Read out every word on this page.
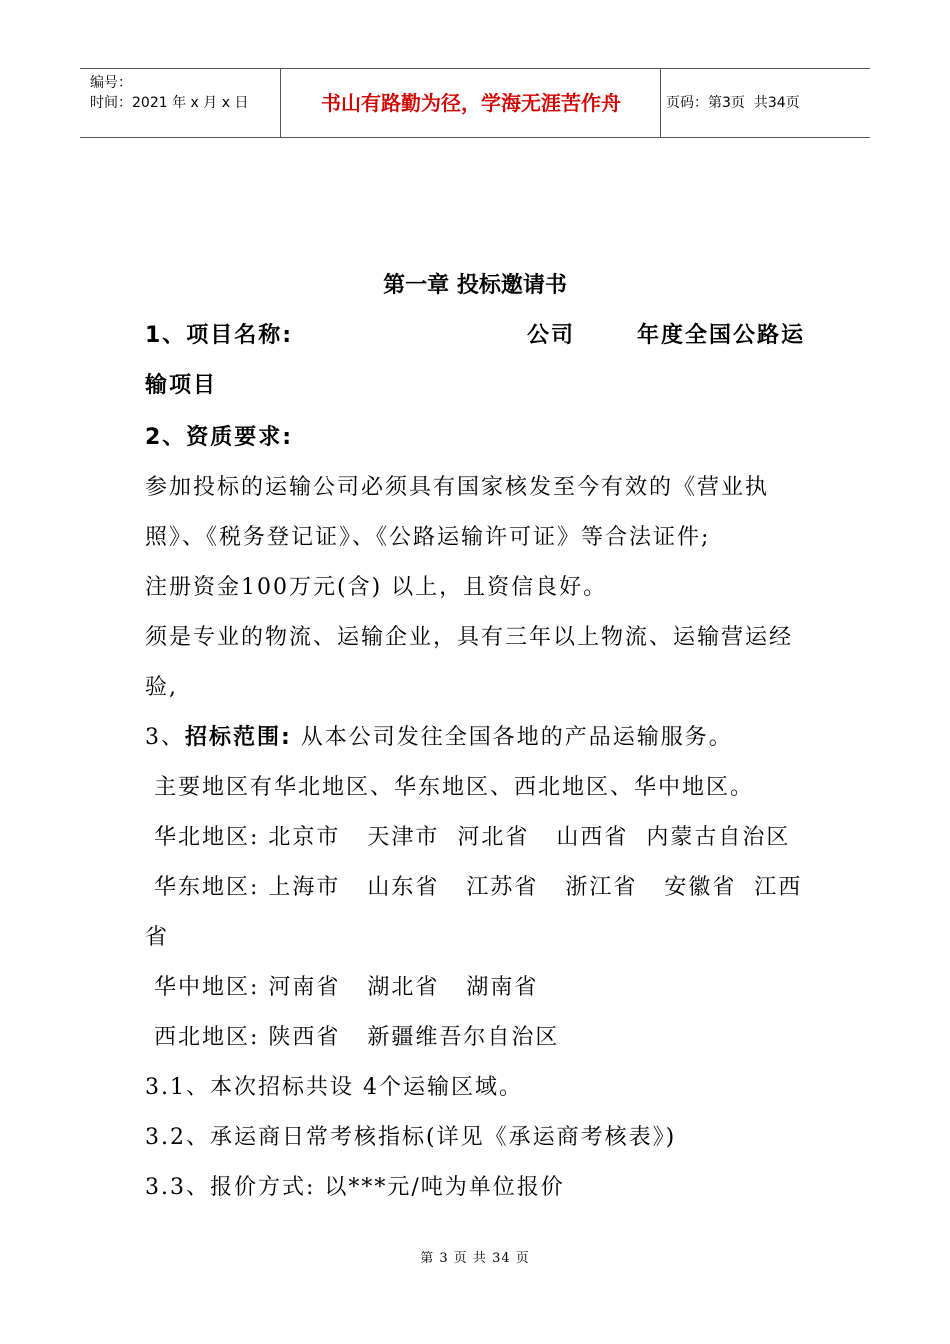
编号：
时间：2021 年 x 月 x 日	书山有路勤为径，学海无涯苦作舟	页码：第3页  共34页
第一章 投标邀请书
1、项目名称:	公司	年度全国公路运
输项目
2、资质要求:
参加投标的运输公司必须具有国家核发至今有效的《营业执
照》、《税务登记证》、《公路运输许可证》等合法证件;
注册资金100万元(含) 以上，且资信良好。
须是专业的物流、运输企业，具有三年以上物流、运输营运经
验,
3、招标范围: 从本公司发往全国各地的产品运输服务。
主要地区有华北地区、华东地区、西北地区、华中地区。
华北地区: 北京市   天津市  河北省   山西省  内蒙古自治区
华东地区: 上海市   山东省   江苏省   浙江省   安徽省  江西
省
华中地区: 河南省   湖北省   湖南省
西北地区: 陕西省   新疆维吾尔自治区
3.1、本次招标共设 4个运输区域。
3.2、承运商日常考核指标(详见《承运商考核表》)
3.3、报价方式: 以***元/吨为单位报价
第 3 页 共 34 页
